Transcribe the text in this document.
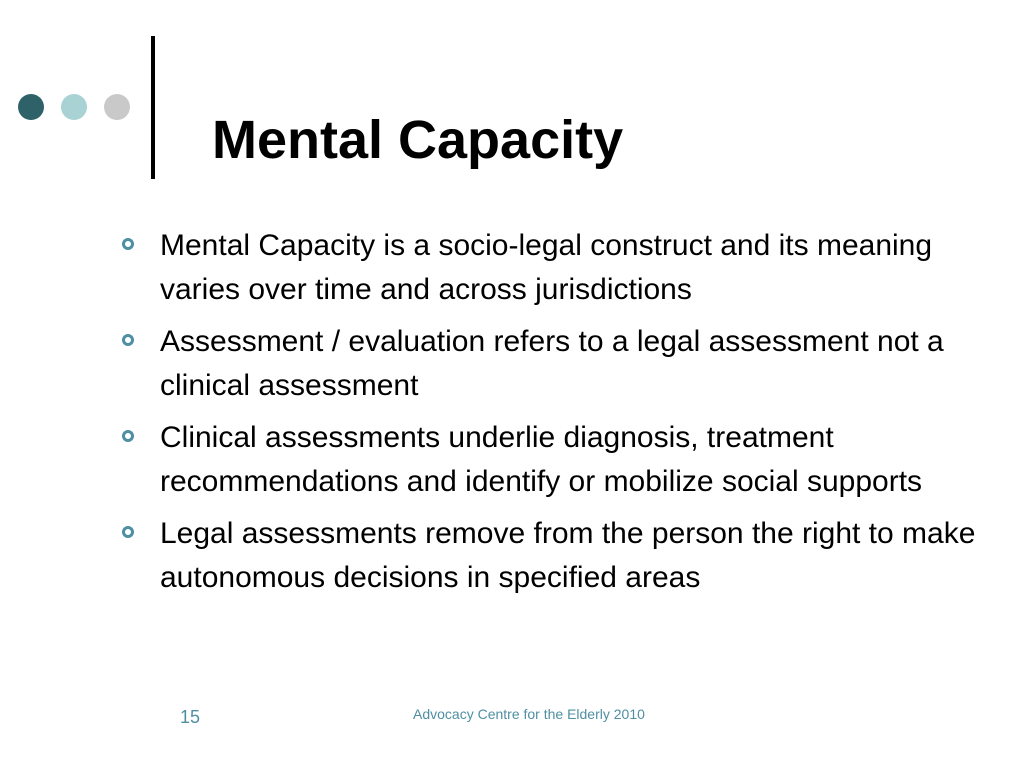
Mental Capacity
Mental Capacity is a socio-legal construct and its meaning varies over time and across jurisdictions
Assessment / evaluation refers to a legal assessment not a clinical assessment
Clinical assessments underlie diagnosis, treatment recommendations and identify or mobilize social supports
Legal assessments remove from the person the right to make autonomous decisions in specified areas
15	Advocacy Centre for the Elderly 2010
